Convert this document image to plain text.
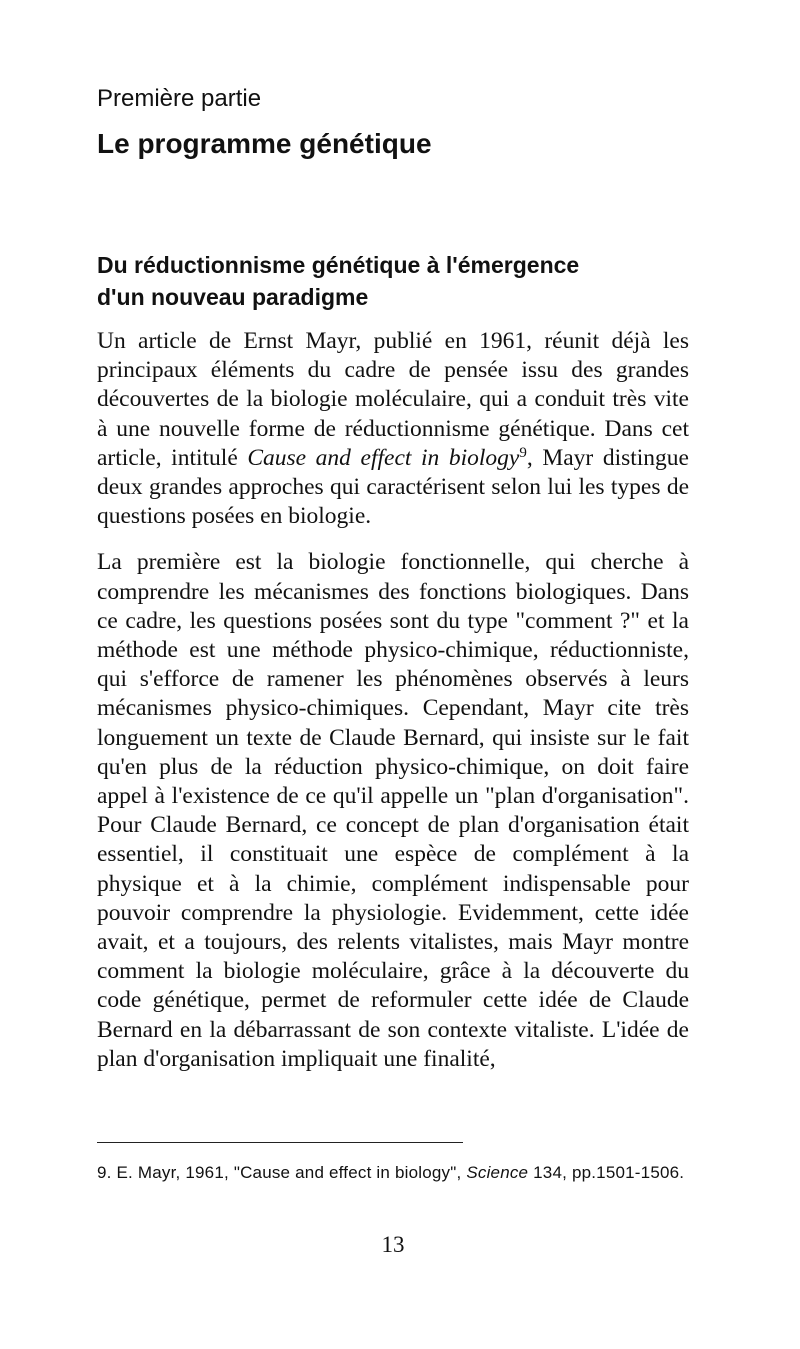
Première partie
Le programme génétique
Du réductionnisme génétique à l'émergence
d'un nouveau paradigme

Un article de Ernst Mayr, publié en 1961, réunit déjà les principaux éléments du cadre de pensée issu des grandes découvertes de la biologie moléculaire, qui a conduit très vite à une nouvelle forme de réductionnisme génétique. Dans cet article, intitulé Cause and effect in biology$^9$, Mayr distingue deux grandes approches qui caractérisent selon lui les types de questions posées en biologie.

La première est la biologie fonctionnelle, qui cherche à comprendre les mécanismes des fonctions biologiques. Dans ce cadre, les questions posées sont du type "comment ?" et la méthode est une méthode physico-chimique, réductionniste, qui s'efforce de ramener les phénomènes observés à leurs mécanismes physico-chimiques. Cependant, Mayr cite très longuement un texte de Claude Bernard, qui insiste sur le fait qu'en plus de la réduction physico-chimique, on doit faire appel à l'existence de ce qu'il appelle un "plan d'organisation". Pour Claude Bernard, ce concept de plan d'organisation était essentiel, il constituait une espèce de complément à la physique et à la chimie, complément indispensable pour pouvoir comprendre la physiologie. Evidemment, cette idée avait, et a toujours, des relents vitalistes, mais Mayr montre comment la biologie moléculaire, grâce à la découverte du code génétique, permet de reformuler cette idée de Claude Bernard en la débarrassant de son contexte vitaliste. L'idée de plan d'organisation impliquait une finalité,

9. E. Mayr, 1961, "Cause and effect in biology", Science 134, pp.1501-1506.
13
